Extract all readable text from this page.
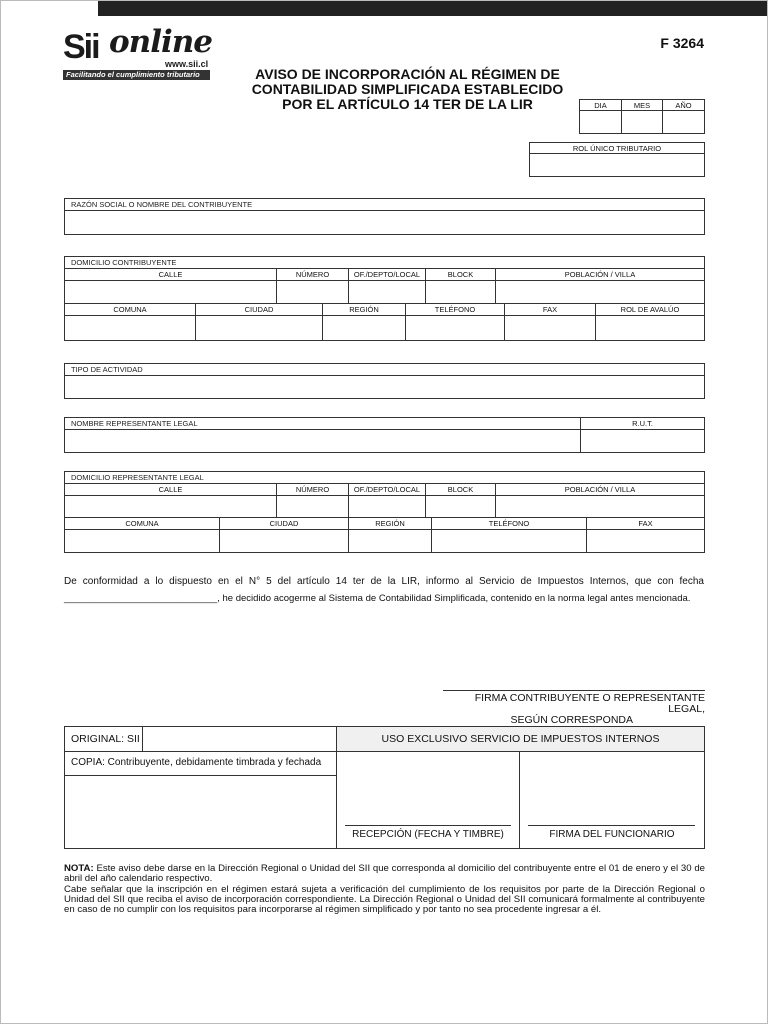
Sii online
www.sii.cl
Facilitando el cumplimiento tributario
F 3264
AVISO DE INCORPORACIÓN AL RÉGIMEN DE
CONTABILIDAD SIMPLIFICADA ESTABLECIDO
POR EL ARTÍCULO 14 TER DE LA LIR	DIA	MES	AÑO
ROL ÚNICO TRIBUTARIO
RAZÓN SOCIAL O NOMBRE DEL CONTRIBUYENTE
DOMICILIO CONTRIBUYENTE
CALLE	NÚMERO	OF./DEPTO/LOCAL	BLOCK	POBLACIÓN / VILLA
COMUNA	CIUDAD	REGIÓN	TELÉFONO	FAX	ROL DE AVALÚO
TIPO DE ACTIVIDAD
NOMBRE REPRESENTANTE LEGAL	R.U.T.
DOMICILIO REPRESENTANTE LEGAL
CALLE	NÚMERO	OF./DEPTO/LOCAL	BLOCK	POBLACIÓN / VILLA
COMUNA	CIUDAD	REGIÓN	TELÉFONO	FAX
De conformidad a lo dispuesto en el N° 5 del artículo 14 ter de la LIR, informo al Servicio de Impuestos Internos, que con fecha
_____________________________, he decidido acogerme al Sistema de Contabilidad Simplificada, contenido en la norma legal antes mencionada.
FIRMA CONTRIBUYENTE O REPRESENTANTE LEGAL,
SEGÚN CORRESPONDA
ORIGINAL: SII	USO EXCLUSIVO SERVICIO DE IMPUESTOS INTERNOS
COPIA: Contribuyente, debidamente timbrada y fechada
RECEPCIÓN (FECHA Y TIMBRE)	FIRMA DEL FUNCIONARIO
NOTA: Este aviso debe darse en la Dirección Regional o Unidad del SII que corresponda al domicilio del contribuyente entre el 01 de enero y el 30 de abril del año calendario respectivo.
Cabe señalar que la inscripción en el régimen estará sujeta a verificación del cumplimiento de los requisitos por parte de la Dirección Regional o Unidad del SII que reciba el aviso de incorporación correspondiente. La Dirección Regional o Unidad del SII comunicará formalmente al contribuyente en caso de no cumplir con los requisitos para incorporarse al régimen simplificado y por tanto no sea procedente ingresar a él.
